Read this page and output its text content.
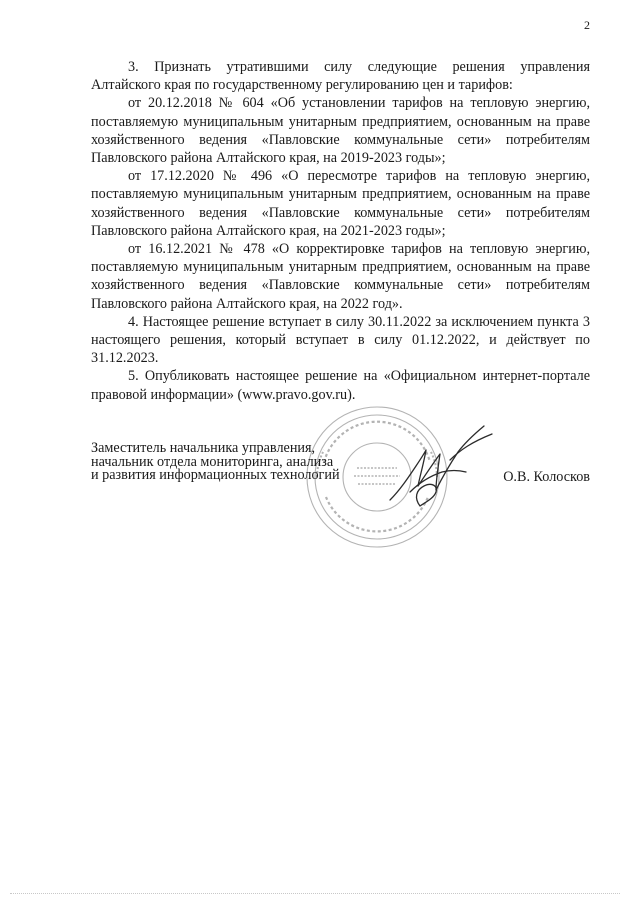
2

3. Признать утратившими силу следующие решения управления Алтайского края по государственному регулированию цен и тарифов:

от 20.12.2018 № 604 «Об установлении тарифов на тепловую энергию, поставляемую муниципальным унитарным предприятием, основанным на праве хозяйственного ведения «Павловские коммунальные сети» потребителям Павловского района Алтайского края, на 2019-2023 годы»;

от 17.12.2020 № 496 «О пересмотре тарифов на тепловую энергию, поставляемую муниципальным унитарным предприятием, основанным на праве хозяйственного ведения «Павловские коммунальные сети» потребителям Павловского района Алтайского края, на 2021-2023 годы»;

от 16.12.2021 № 478 «О корректировке тарифов на тепловую энергию, поставляемую муниципальным унитарным предприятием, основанным на праве хозяйственного ведения «Павловские коммунальные сети» потребителям Павловского района Алтайского края, на 2022 год».

4. Настоящее решение вступает в силу 30.11.2022 за исключением пункта 3 настоящего решения, который вступает в силу 01.12.2022, и действует по 31.12.2023.

5. Опубликовать настоящее решение на «Официальном интернет-портале правовой информации» (www.pravo.gov.ru).

Заместитель начальника управления,
начальник отдела мониторинга, анализа
и развития информационных технологий	О.В. Колосков
